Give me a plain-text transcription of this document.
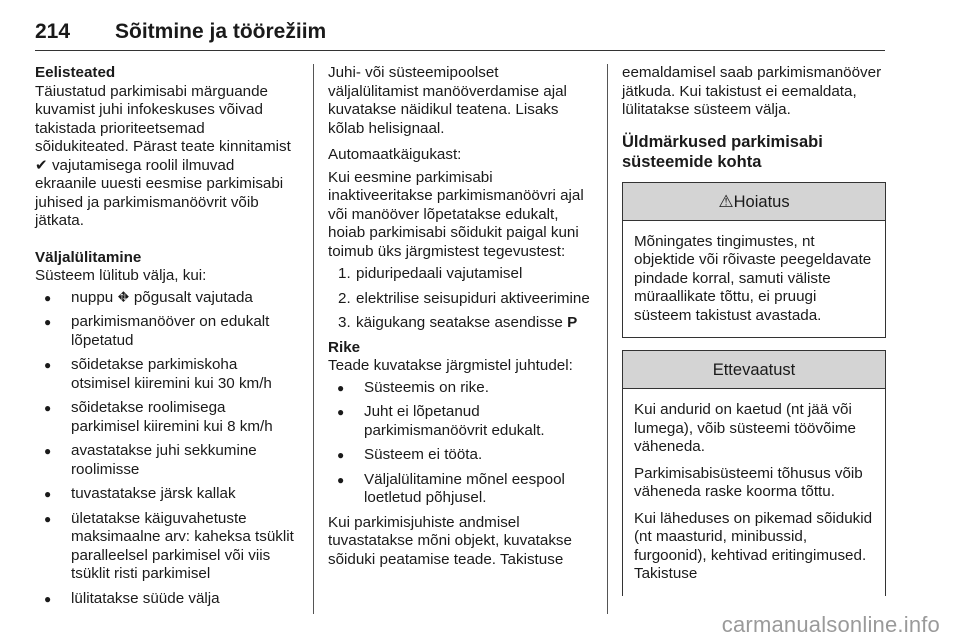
214 Sõitmine ja töörežiim
Eelisteated
Täiustatud parkimisabi märguande kuvamist juhi infokeskuses võivad takistada prioriteetsemad sõidukiteated. Pärast teate kinnitamist ✔ vajutamisega roolil ilmuvad ekraanile uuesti eesmise parkimisabi juhised ja parkimismanöövrit võib jätkata.
Väljalülitamine
Süsteem lülitub välja, kui:
● nuppu ⛖ põgusalt vajutada
● parkimismanööver on edukalt lõpetatud
● sõidetakse parkimiskoha otsimisel kiiremini kui 30 km/h
● sõidetakse roolimisega parkimisel kiiremini kui 8 km/h
● avastatakse juhi sekkumine roolimisse
● tuvastatakse järsk kallak
● ületatakse käiguvahetuste maksimaalne arv: kaheksa tsüklit paralleelsel parkimisel või viis tsüklit risti parkimisel
● lülitatakse süüde välja
Juhi- või süsteemipoolset väljalülitamist manööverdamise ajal kuvatakse näidikul teatena. Lisaks kõlab helisignaal.
Automaatkäigukast:
Kui eesmine parkimisabi inaktiveeritakse parkimismanöövri ajal või manööver lõpetatakse edukalt, hoiab parkimisabi sõidukit paigal kuni toimub üks järgmistest tegevustest:
1. piduripedaali vajutamisel
2. elektrilise seisupiduri aktiveerimine
3. käigukang seatakse asendisse P
Rike
Teade kuvatakse järgmistel juhtudel:
● Süsteemis on rike.
● Juht ei lõpetanud parkimismanöövrit edukalt.
● Süsteem ei tööta.
● Väljalülitamine mõnel eespool loetletud põhjusel.
Kui parkimisjuhiste andmisel tuvastatakse mõni objekt, kuvatakse sõiduki peatamise teade. Takistuse
eemaldamisel saab parkimismanööver jätkuda. Kui takistust ei eemaldata, lülitatakse süsteem välja.
Üldmärkused parkimisabi süsteemide kohta
⚠Hoiatus
Mõningates tingimustes, nt objektide või rõivaste peegeldavate pindade korral, samuti väliste müraallikate tõttu, ei pruugi süsteem takistust avastada.
Ettevaatust
Kui andurid on kaetud (nt jää või lumega), võib süsteemi töövõime väheneda.
Parkimisabisüsteemi tõhusus võib väheneda raske koorma tõttu.
Kui läheduses on pikemad sõidukid (nt maasturid, minibussid, furgoonid), kehtivad eritingimused. Takistuse
carmanualsonline.info
